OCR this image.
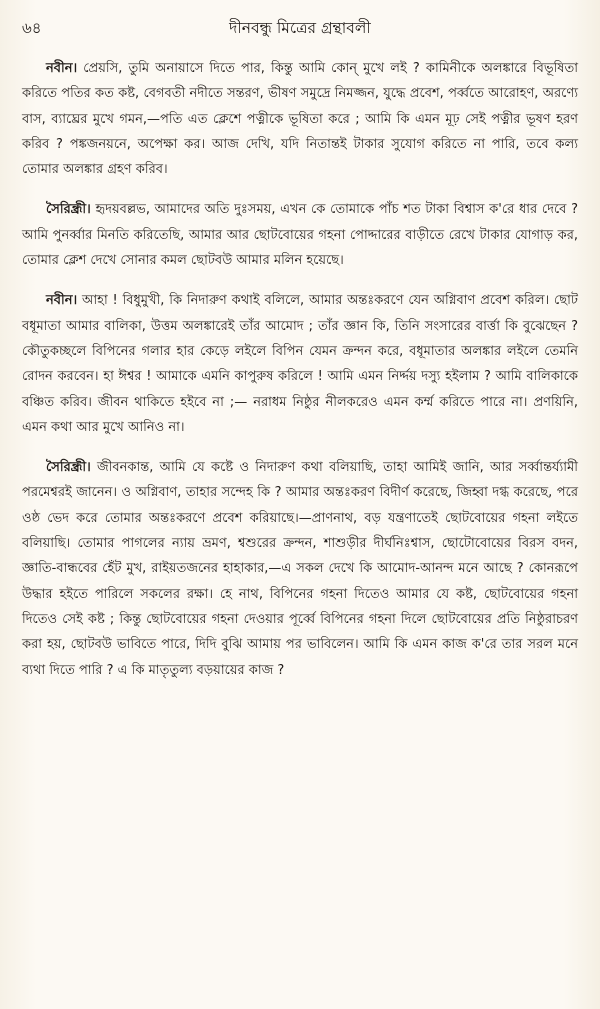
৬৪	দীনবন্ধু মিত্রের গ্রন্থাবলী

নবীন। প্রেয়সি, তুমি অনায়াসে দিতে পার, কিন্তু আমি কোন্ মুখে লই ? কামিনীকে অলঙ্কারে বিভূষিতা করিতে পতির কত কষ্ট, বেগবতী নদীতে সন্তরণ, ভীষণ সমুদ্রে নিমজ্জন, যুদ্ধে প্রবেশ, পর্ব্বতে আরোহণ, অরণ্যে বাস, ব্যাঘ্রের মুখে গমন,—পতি এত ক্লেশে পত্নীকে ভূষিতা করে ; আমি কি এমন মূঢ় সেই পত্নীর ভূষণ হরণ করিব ? পঙ্কজনয়নে, অপেক্ষা কর। আজ দেখি, যদি নিতান্তই টাকার সুযোগ করিতে না পারি, তবে কল্য তোমার অলঙ্কার গ্রহণ করিব।

সৈরিন্ধ্রী। হৃদয়বল্লভ, আমাদের অতি দুঃসময়, এখন কে তোমাকে পাঁচ শত টাকা বিশ্বাস ক'রে ধার দেবে ? আমি পুনর্ব্বার মিনতি করিতেছি, আমার আর ছোটবোয়ের গহনা পোদ্দারের বাড়ীতে রেখে টাকার যোগাড় কর, তোমার ক্লেশ দেখে সোনার কমল ছোটবউ আমার মলিন হয়েছে।

নবীন। আহা ! বিধুমুখী, কি নিদারুণ কথাই বলিলে, আমার অন্তঃকরণে যেন অগ্নিবাণ প্রবেশ করিল। ছোট বধূমাতা আমার বালিকা, উত্তম অলঙ্কারেই তাঁর আমোদ ; তাঁর জ্ঞান কি, তিনি সংসারের বার্ত্তা কি বুঝেছেন ? কৌতুকচ্ছলে বিপিনের গলার হার কেড়ে লইলে বিপিন যেমন ক্রন্দন করে, বধূমাতার অলঙ্কার লইলে তেমনি রোদন করবেন। হা ঈশ্বর ! আমাকে এমনি কাপুরুষ করিলে ! আমি এমন নির্দ্দয় দস্যু হইলাম ? আমি বালিকাকে বঞ্চিত করিব। জীবন থাকিতে হইবে না ;— নরাধম নিষ্ঠুর নীলকরেও এমন কর্ম্ম করিতে পারে না। প্রণয়িনি, এমন কথা আর মুখে আনিও না।

সৈরিন্ধ্রী। জীবনকান্ত, আমি যে কষ্টে ও নিদারুণ কথা বলিয়াছি, তাহা আমিই জানি, আর সর্ব্বান্তর্য্যামী পরমেশ্বরই জানেন। ও অগ্নিবাণ, তাহার সন্দেহ কি ? আমার অন্তঃকরণ বিদীর্ণ করেছে, জিহ্বা দগ্ধ করেছে, পরে ওষ্ঠ ভেদ করে তোমার অন্তঃকরণে প্রবেশ করিয়াছে।—প্রাণনাথ, বড় যন্ত্রণাতেই ছোটবোয়ের গহনা লইতে বলিয়াছি। তোমার পাগলের ন্যায় ভ্রমণ, শ্বশুরের ক্রন্দন, শাশুড়ীর দীর্ঘনিঃশ্বাস, ছোটোবোয়ের বিরস বদন, জ্ঞাতি-বান্ধবের হেঁট মুখ, রাইয়তজনের হাহাকার,—এ সকল দেখে কি আমোদ-আনন্দ মনে আছে ? কোনরূপে উদ্ধার হইতে পারিলে সকলের রক্ষা। হে নাথ, বিপিনের গহনা দিতেও আমার যে কষ্ট, ছোটবোয়ের গহনা দিতেও সেই কষ্ট ; কিন্তু ছোটবোয়ের গহনা দেওয়ার পূর্ব্বে বিপিনের গহনা দিলে ছোটবোয়ের প্রতি নিষ্ঠুরাচরণ করা হয়, ছোটবউ ভাবিতে পারে, দিদি বুঝি আমায় পর ভাবিলেন। আমি কি এমন কাজ ক'রে তার সরল মনে ব্যথা দিতে পারি ? এ কি মাতৃতুল্য বড়য়ায়ের কাজ ?
